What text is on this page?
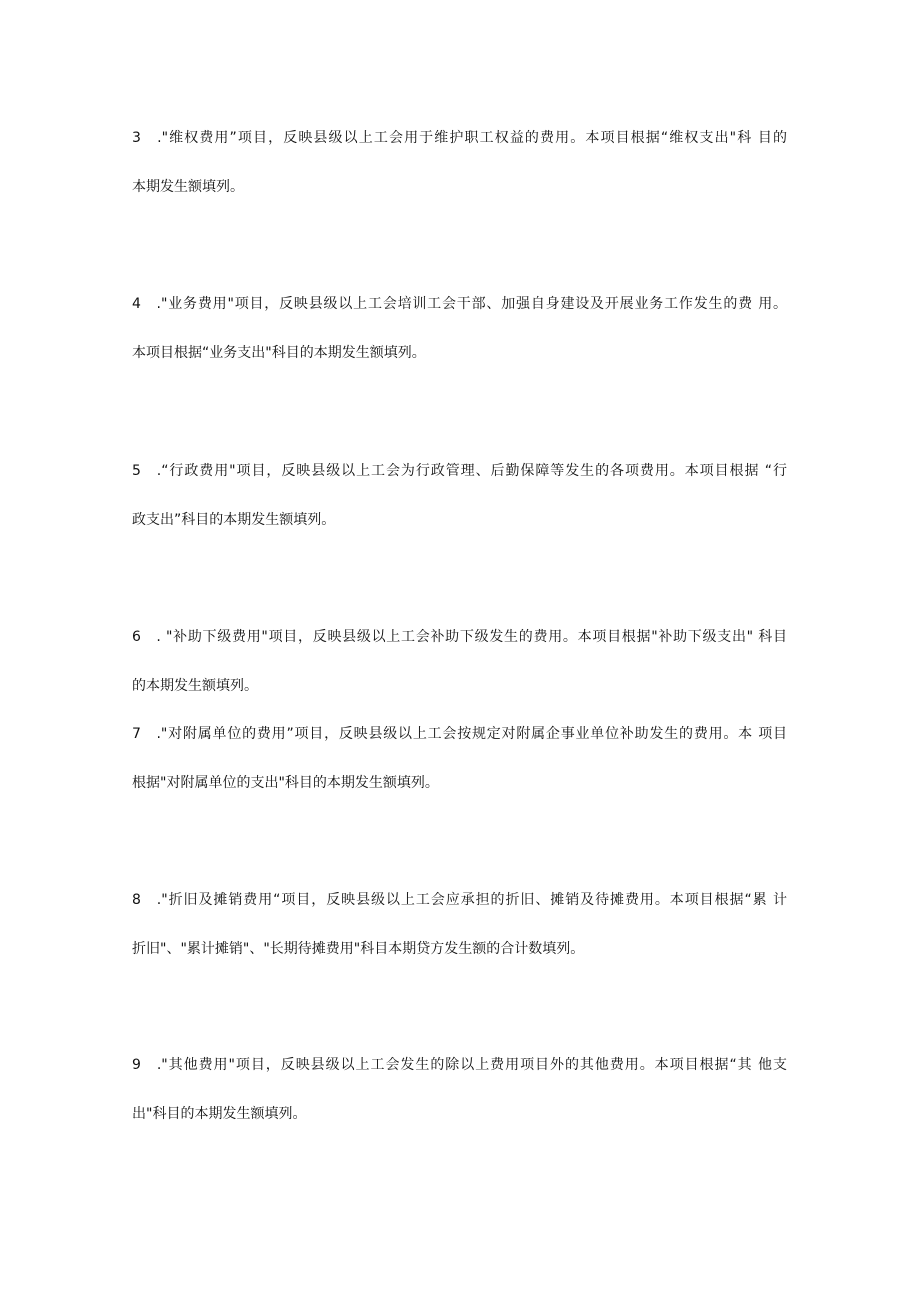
3　."维权费用”项目，反映县级以上工会用于维护职工权益的费用。本项目根据“维权支出"科 目的
本期发生额填列。
4　."业务费用"项目，反映县级以上工会培训工会干部、加强自身建设及开展业务工作发生的费 用。
本项目根据“业务支出"科目的本期发生额填列。
5　.“行政费用"项目，反映县级以上工会为行政管理、后勤保障等发生的各项费用。本项目根据 “行
政支出”科目的本期发生额填列。
6　. "补助下级费用"项目，反映县级以上工会补助下级发生的费用。本项目根据"补助下级支出" 科目
的本期发生额填列。
7　."对附属单位的费用”项目，反映县级以上工会按规定对附属企事业单位补助发生的费用。本 项目
根据"对附属单位的支出"科目的本期发生额填列。
8　."折旧及摊销费用“项目，反映县级以上工会应承担的折旧、摊销及待摊费用。本项目根据“累 计
折旧"、"累计摊销"、"长期待摊费用"科目本期贷方发生额的合计数填列。
9　."其他费用"项目，反映县级以上工会发生的除以上费用项目外的其他费用。本项目根据“其 他支
出"科目的本期发生额填列。
